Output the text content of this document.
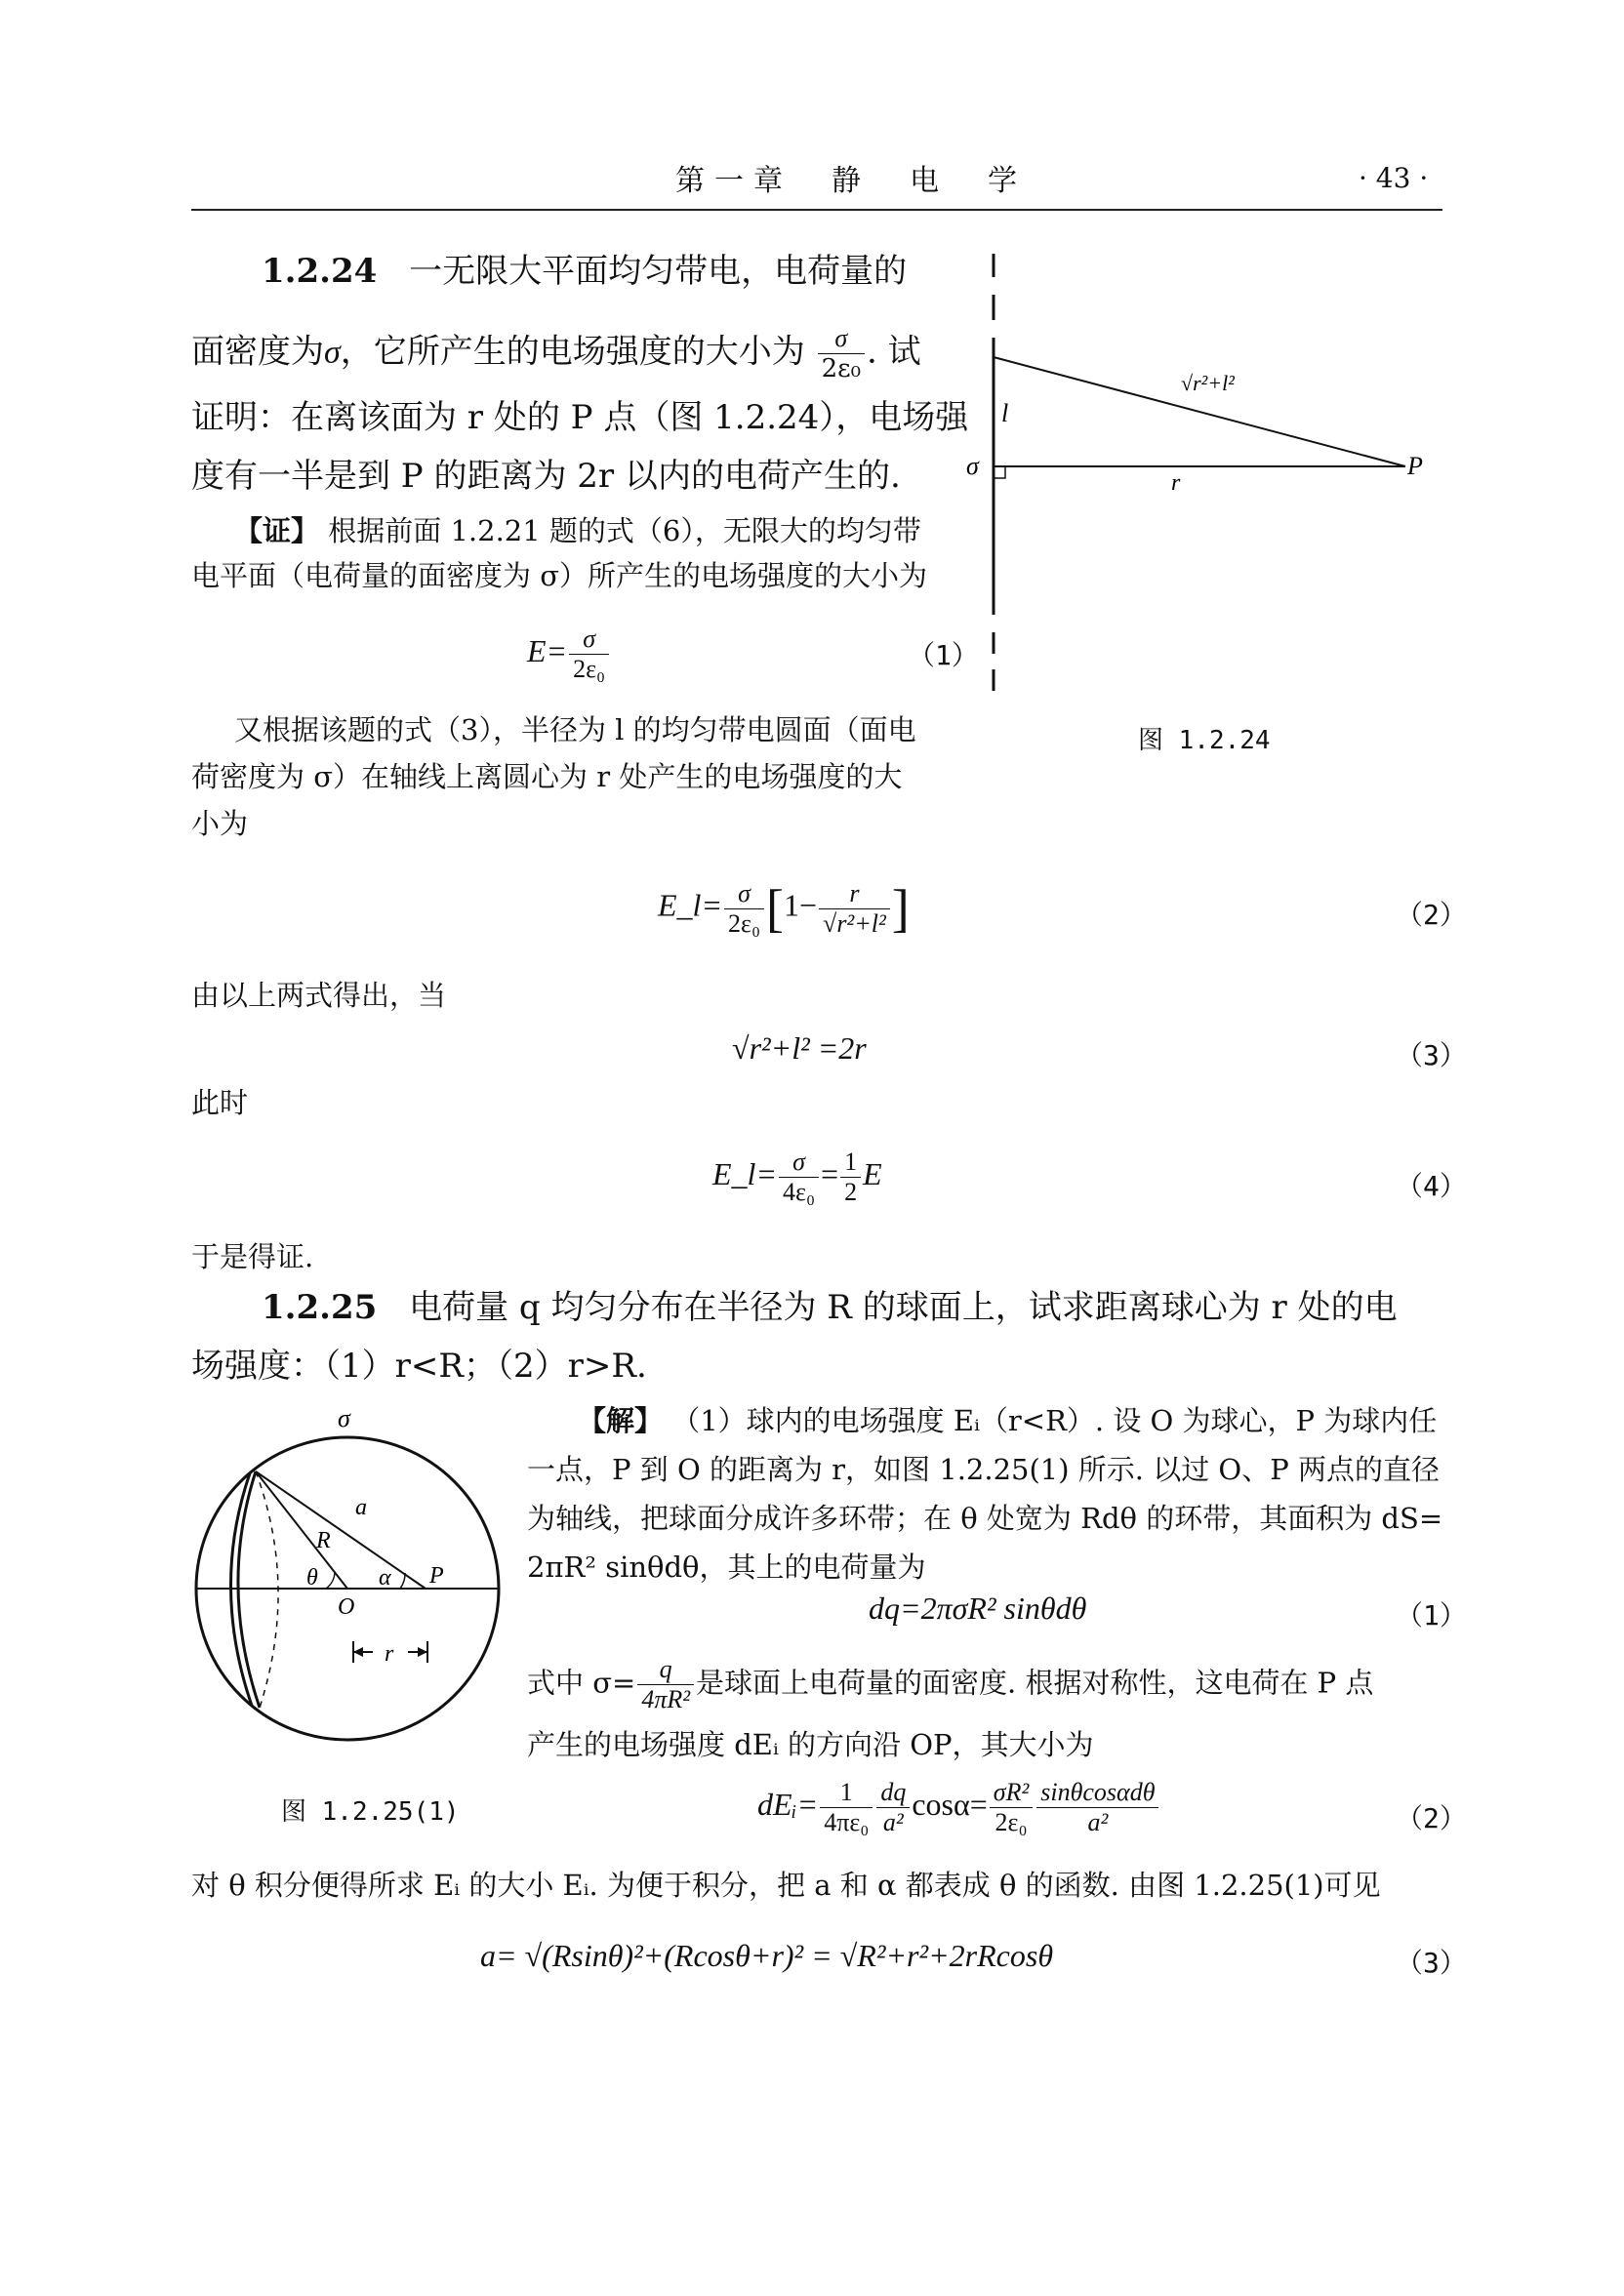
第一章　静　电　学	· 43 ·
1.2.24 一无限大平面均匀带电，电荷量的
面密度为σ，它所产生的电场强度的大小为 $\frac{\sigma}{\text{2ε₀}}$ . 试
证明：在离该面为 r 处的 P 点（图 1.2.24），电场强
度有一半是到 P 的距离为 2r 以内的电荷产生的.
【证】 根据前面 1.2.21 题的式（6），无限大的均匀带
电平面（电荷量的面密度为 σ）所产生的电场强度的大小为
$E= \frac{\sigma}{\text{2ε₀}}$	（1）
又根据该题的式（3），半径为 l 的均匀带电圆面（面电
荷密度为 σ）在轴线上离圆心为 r 处产生的电场强度的大
小为
E_l= $\frac{\sigma}{\text{2ε₀}} [1- \frac{r}{\text{√r²+l²}}$ ]	（2）
由以上两式得出，当
√r²+l² =2r	（3）
此时
E_l= $\frac{\sigma}{\text{4ε₀}} = \frac{1}{2}$ E	（4）
于是得证.
l
√r²+l²
σ
r
P
图 1.2.24
1.2.25 电荷量 q 均匀分布在半径为 R 的球面上，试求距离球心为 r 处的电
场强度：（1）r<R；（2）r>R.
【解】 （1）球内的电场强度 Eᵢ（r<R）. 设 O 为球心，P 为球内任
一点，P 到 O 的距离为 r，如图 1.2.25(1) 所示. 以过 O、P 两点的直径
为轴线，把球面分成许多环带；在 θ 处宽为 Rdθ 的环带，其面积为 dS=
2πR² sinθdθ，其上的电荷量为
dq=2πσR² sinθdθ	（1）
式中 $\sigma= \frac{q}{\text{4πR²}}$ 是球面上电荷量的面密度. 根据对称性，这电荷在 P 点
产生的电场强度 dEᵢ 的方向沿 OP，其大小为
dEᵢ= $\frac{1}{\text{4πε₀}} \frac{dq}{\text{a²}} \cos\alpha= \frac{\text{σR²}}{\text{2ε₀}} \frac{\text{sinθcosαdθ}}{\text{a²}}$	（2）
对 θ 积分便得所求 Eᵢ 的大小 Eᵢ. 为便于积分，把 a 和 α 都表成 θ 的函数. 由图 1.2.25(1)可见
a= √(Rsinθ)²+(Rcosθ+r)² = √R²+r²+2rRcosθ	（3）
σ
a
R
θ	α P
O
r
图 1.2.25(1)
